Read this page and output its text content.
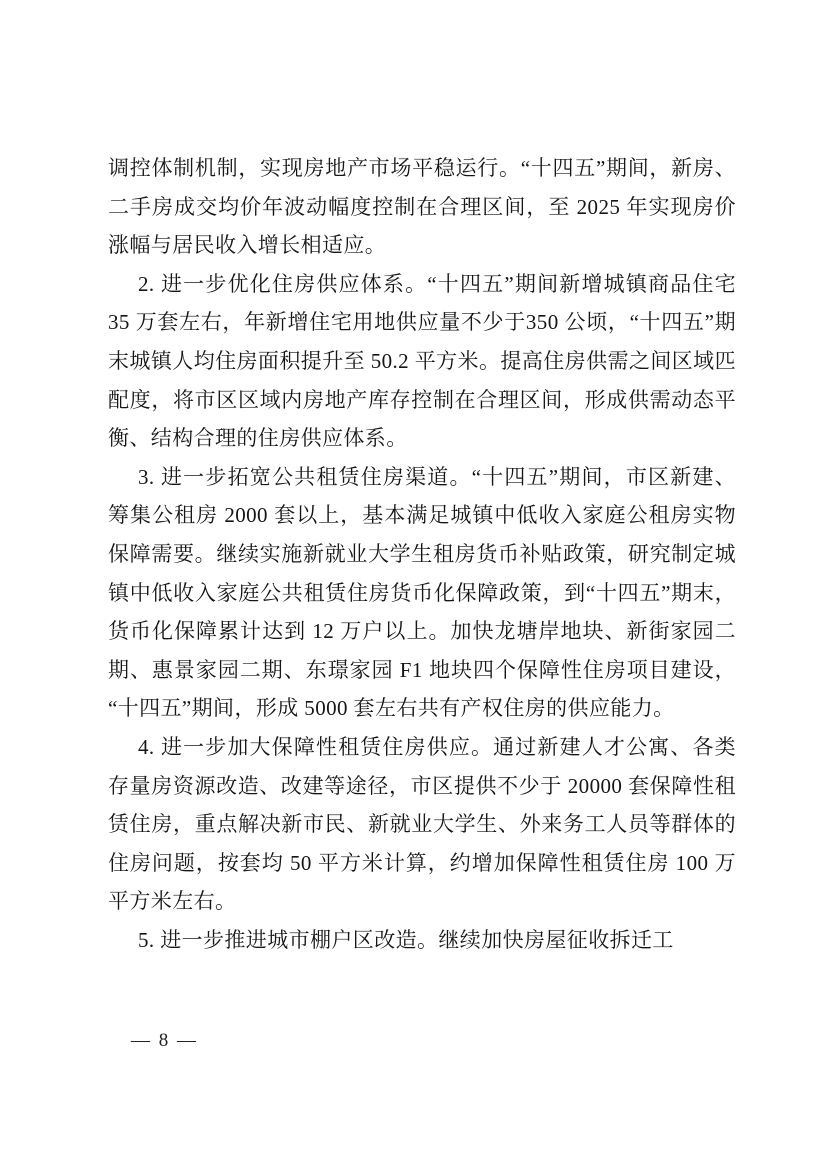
调控体制机制，实现房地产市场平稳运行。“十四五”期间，新房、二手房成交均价年波动幅度控制在合理区间，至 2025 年实现房价涨幅与居民收入增长相适应。

2. 进一步优化住房供应体系。“十四五”期间新增城镇商品住宅 35 万套左右，年新增住宅用地供应量不少于350 公顷，“十四五”期末城镇人均住房面积提升至 50.2 平方米。提高住房供需之间区域匹配度，将市区区域内房地产库存控制在合理区间，形成供需动态平衡、结构合理的住房供应体系。

3. 进一步拓宽公共租赁住房渠道。“十四五”期间，市区新建、筹集公租房 2000 套以上，基本满足城镇中低收入家庭公租房实物保障需要。继续实施新就业大学生租房货币补贴政策，研究制定城镇中低收入家庭公共租赁住房货币化保障政策，到“十四五”期末，货币化保障累计达到 12 万户以上。加快龙塘岸地块、新街家园二期、惠景家园二期、东璟家园 F1 地块四个保障性住房项目建设，“十四五”期间，形成 5000 套左右共有产权住房的供应能力。

4. 进一步加大保障性租赁住房供应。通过新建人才公寓、各类存量房资源改造、改建等途径，市区提供不少于 20000 套保障性租赁住房，重点解决新市民、新就业大学生、外来务工人员等群体的住房问题，按套均 50 平方米计算，约增加保障性租赁住房 100 万平方米左右。

5. 进一步推进城市棚户区改造。继续加快房屋征收拆迁工

— 8 —
